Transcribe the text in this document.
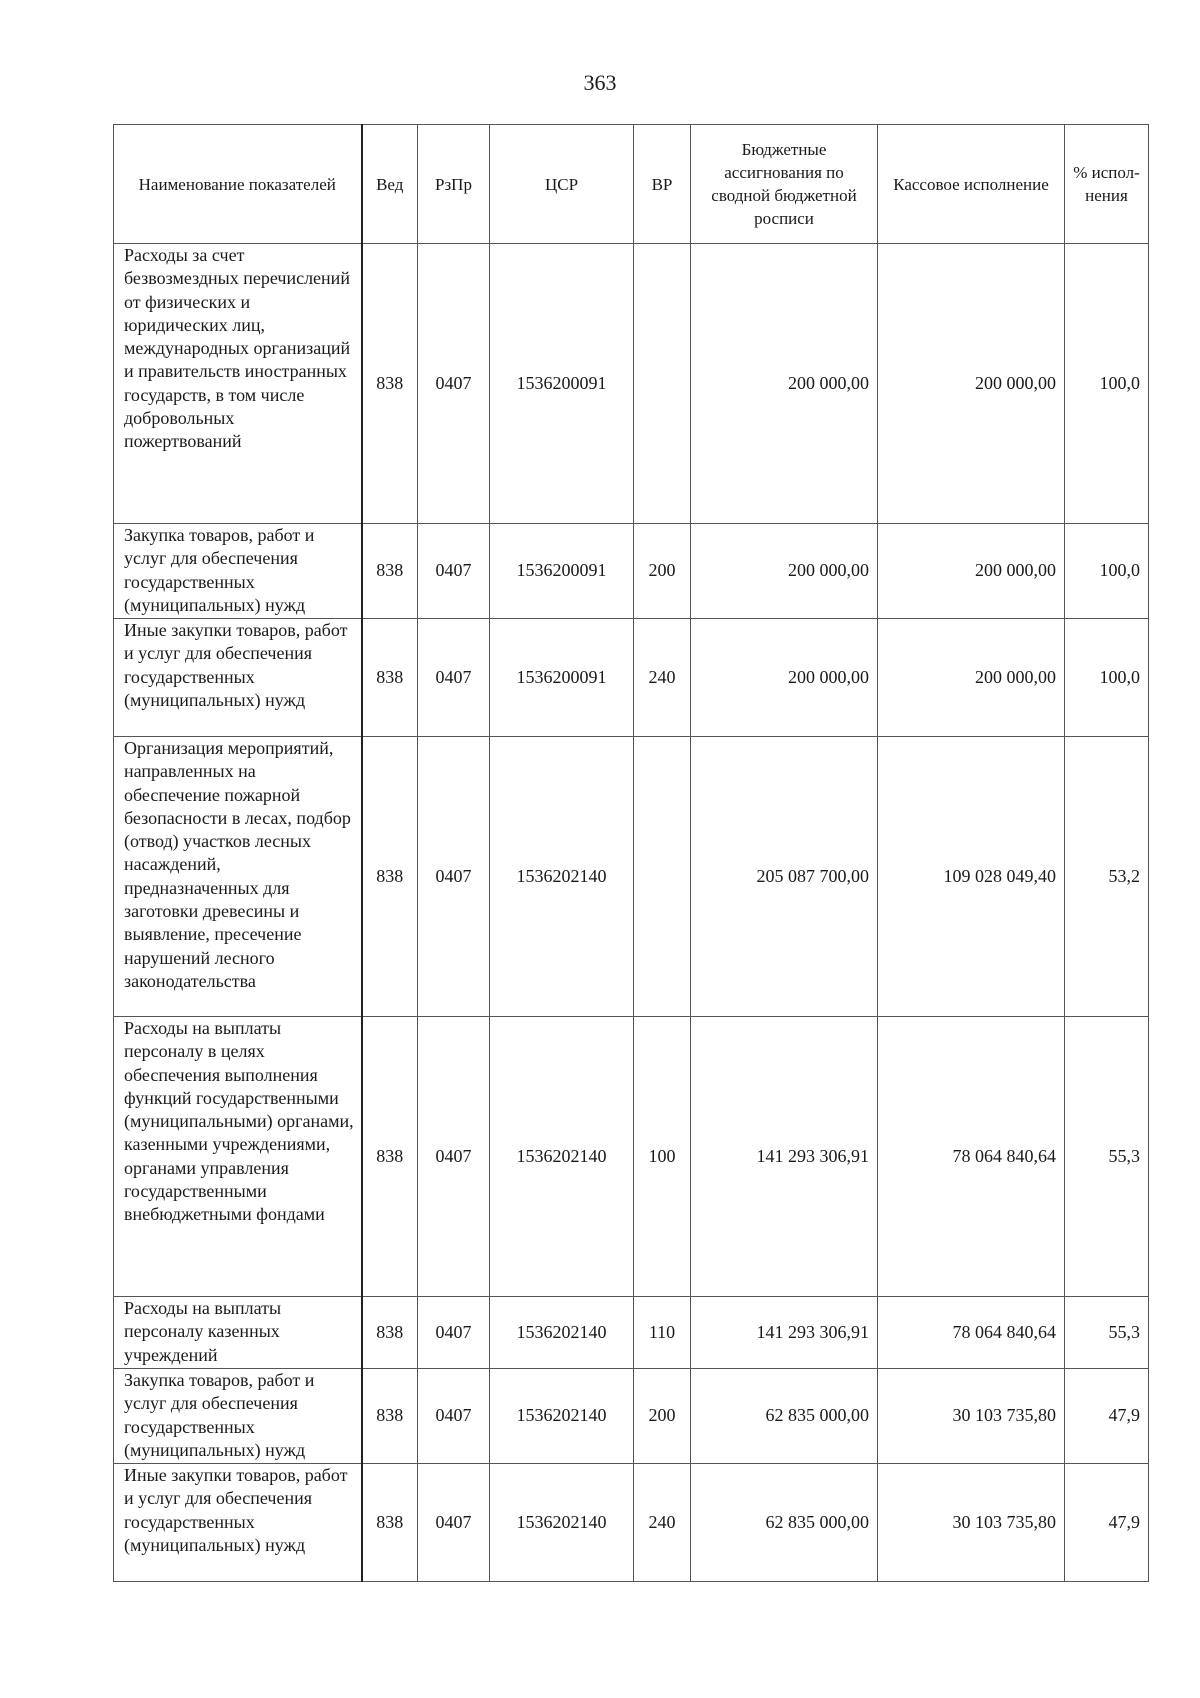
363
Наименование показателей	Вед	РзПр	ЦСР	ВР	Бюджетные ассигнования по сводной бюджетной росписи	Кассовое исполнение	% испол-нения
Расходы за счет безвозмездных перечислений от физических и юридических лиц, международных организаций и правительств иностранных государств, в том числе добровольных пожертвований	838	0407	1536200091		200 000,00	200 000,00	100,0
Закупка товаров, работ и услуг для обеспечения государственных (муниципальных) нужд	838	0407	1536200091	200	200 000,00	200 000,00	100,0
Иные закупки товаров, работ и услуг для обеспечения государственных (муниципальных) нужд	838	0407	1536200091	240	200 000,00	200 000,00	100,0
Организация мероприятий, направленных на обеспечение пожарной безопасности в лесах, подбор (отвод) участков лесных насаждений, предназначенных для заготовки древесины и выявление, пресечение нарушений лесного законодательства	838	0407	1536202140		205 087 700,00	109 028 049,40	53,2
Расходы на выплаты персоналу в целях обеспечения выполнения функций государственными (муниципальными) органами, казенными учреждениями, органами управления государственными внебюджетными фондами	838	0407	1536202140	100	141 293 306,91	78 064 840,64	55,3
Расходы на выплаты персоналу казенных учреждений	838	0407	1536202140	110	141 293 306,91	78 064 840,64	55,3
Закупка товаров, работ и услуг для обеспечения государственных (муниципальных) нужд	838	0407	1536202140	200	62 835 000,00	30 103 735,80	47,9
Иные закупки товаров, работ и услуг для обеспечения государственных (муниципальных) нужд	838	0407	1536202140	240	62 835 000,00	30 103 735,80	47,9
